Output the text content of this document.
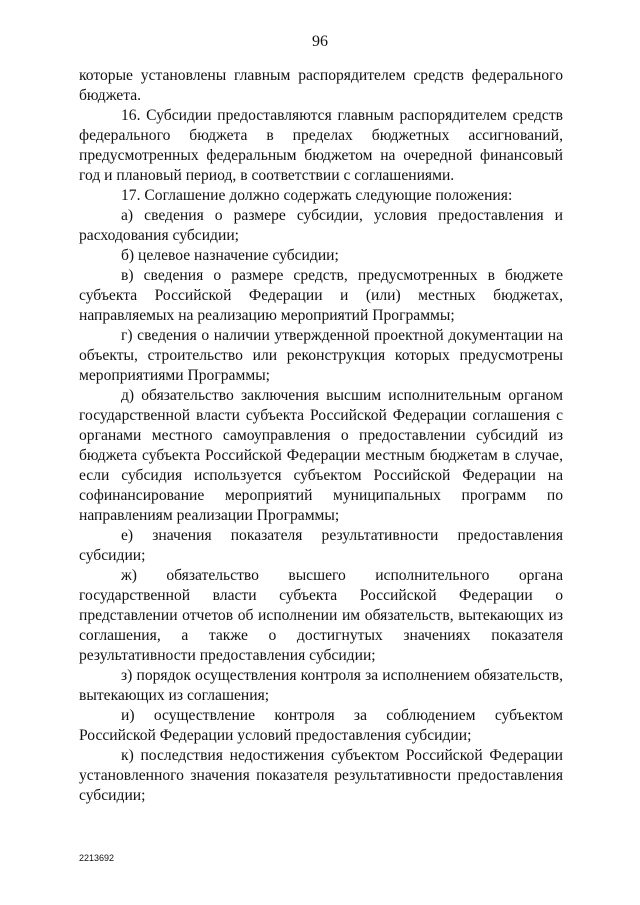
96

которые установлены главным распорядителем средств федерального бюджета.

16. Субсидии предоставляются главным распорядителем средств федерального бюджета в пределах бюджетных ассигнований, предусмотренных федеральным бюджетом на очередной финансовый год и плановый период, в соответствии с соглашениями.

17. Соглашение должно содержать следующие положения:

а) сведения о размере субсидии, условия предоставления и расходования субсидии;

б) целевое назначение субсидии;

в) сведения о размере средств, предусмотренных в бюджете субъекта Российской Федерации и (или) местных бюджетах, направляемых на реализацию мероприятий Программы;

г) сведения о наличии утвержденной проектной документации на объекты, строительство или реконструкция которых предусмотрены мероприятиями Программы;

д) обязательство заключения высшим исполнительным органом государственной власти субъекта Российской Федерации соглашения с органами местного самоуправления о предоставлении субсидий из бюджета субъекта Российской Федерации местным бюджетам в случае, если субсидия используется субъектом Российской Федерации на софинансирование мероприятий муниципальных программ по направлениям реализации Программы;

е) значения показателя результативности предоставления субсидии;

ж) обязательство высшего исполнительного органа государственной власти субъекта Российской Федерации о представлении отчетов об исполнении им обязательств, вытекающих из соглашения, а также о достигнутых значениях показателя результативности предоставления субсидии;

з) порядок осуществления контроля за исполнением обязательств, вытекающих из соглашения;

и) осуществление контроля за соблюдением субъектом Российской Федерации условий предоставления субсидии;

к) последствия недостижения субъектом Российской Федерации установленного значения показателя результативности предоставления субсидии;

2213692
